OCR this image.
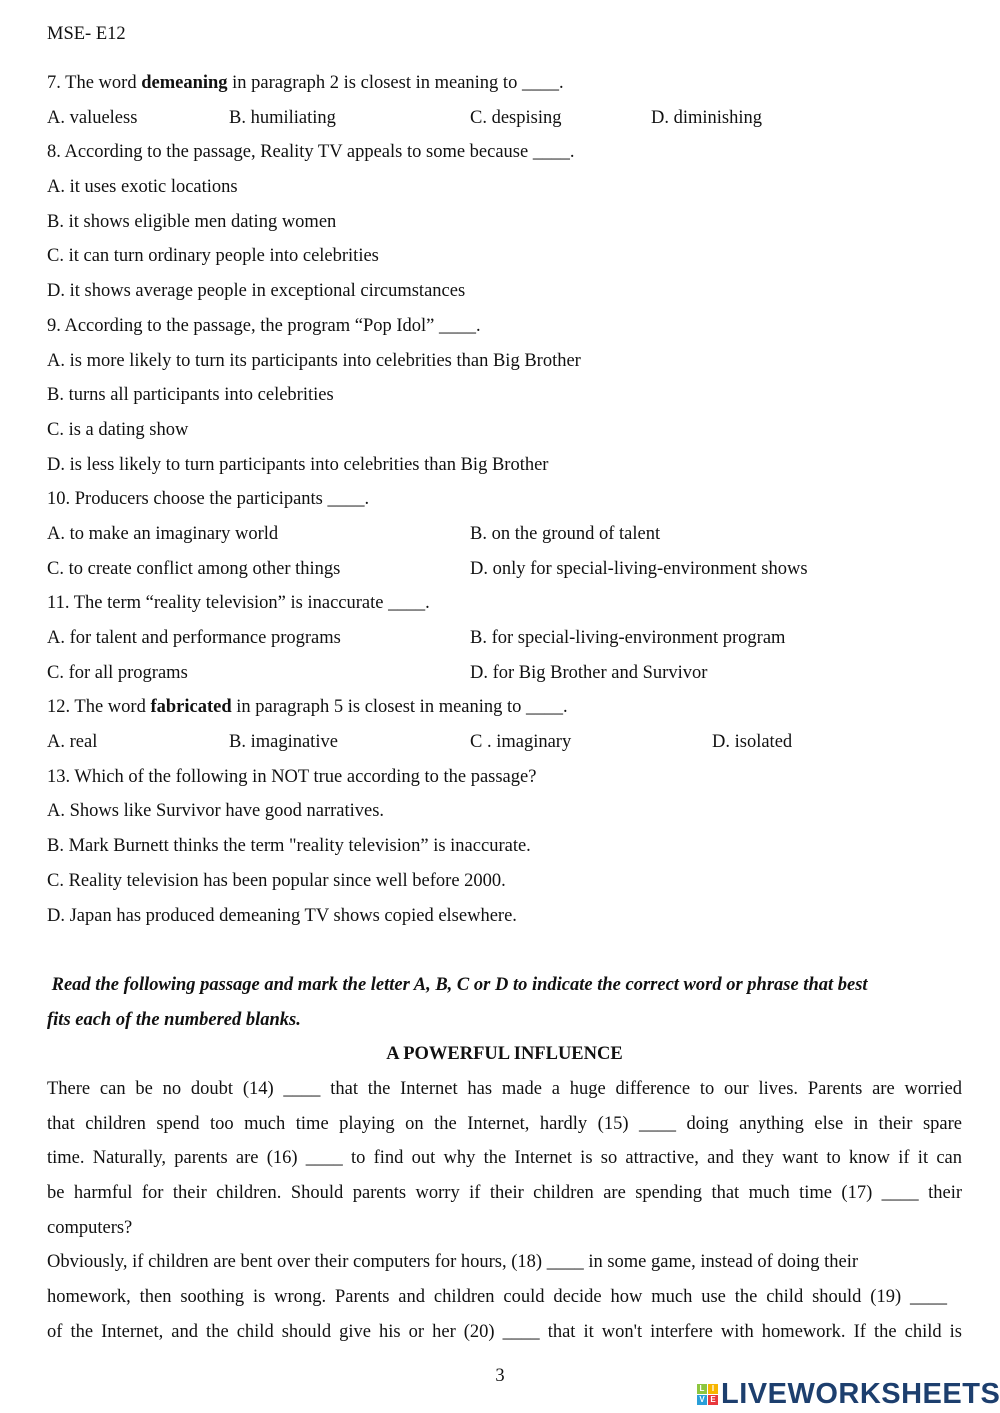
MSE- E12
7. The word demeaning in paragraph 2 is closest in meaning to ____.
A. valueless	B. humiliating	C. despising	D. diminishing
8. According to the passage, Reality TV appeals to some because ____.
A. it uses exotic locations
B. it shows eligible men dating women
C. it can turn ordinary people into celebrities
D. it shows average people in exceptional circumstances
9. According to the passage, the program “Pop Idol” ____.
A. is more likely to turn its participants into celebrities than Big Brother
B. turns all participants into celebrities
C. is a dating show
D. is less likely to turn participants into celebrities than Big Brother
10. Producers choose the participants ____.
A. to make an imaginary world	B. on the ground of talent
C. to create conflict among other things	D. only for special-living-environment shows
11. The term “reality television” is inaccurate ____.
A. for talent and performance programs	B. for special-living-environment program
C. for all programs	D. for Big Brother and Survivor
12. The word fabricated in paragraph 5 is closest in meaning to ____.
A. real	B. imaginative	C . imaginary	D. isolated
13. Which of the following in NOT true according to the passage?
A. Shows like Survivor have good narratives.
B. Mark Burnett thinks the term "reality television” is inaccurate.
C. Reality television has been popular since well before 2000.
D. Japan has produced demeaning TV shows copied elsewhere.
Read the following passage and mark the letter A, B, C or D to indicate the correct word or phrase that best
fits each of the numbered blanks.
A POWERFUL INFLUENCE
There can be no doubt (14) ____ that the Internet has made a huge difference to our lives. Parents are worried
that children spend too much time playing on the Internet, hardly (15) ____ doing anything else in their spare
time. Naturally, parents are (16) ____ to find out why the Internet is so attractive, and they want to know if it can
be harmful for their children. Should parents worry if their children are spending that much time (17) ____ their
computers?
Obviously, if children are bent over their computers for hours, (18) ____ in some game, instead of doing their
homework, then soothing is wrong. Parents and children could decide how much use the child should (19) ____
of the Internet, and the child should give his or her (20) ____ that it won't interfere with homework. If the child is
3
L I
V E LIVEWORKSHEETS
